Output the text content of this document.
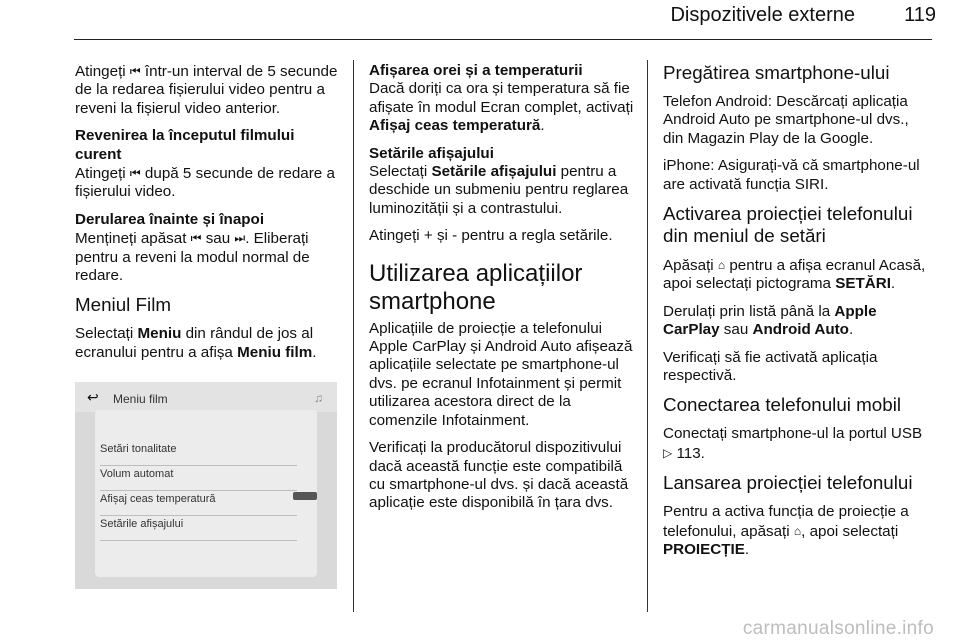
Dispozitivele externe 119

Atingeți ⏮ într-un interval de 5 secunde de la redarea fișierului video pentru a reveni la fișierul video anterior.

Revenirea la începutul filmului curent

Atingeți ⏮ după 5 secunde de redare a fișierului video.

Derularea înainte și înapoi

Mențineți apăsat ⏮ sau ⏭. Eliberați pentru a reveni la modul normal de redare.

Meniul Film

Selectați Meniu din rândul de jos al ecranului pentru a afișa Meniu film.

↩ Meniu film	♫
Setări tonalitate
Volum automat
Afișaj ceas temperatură
Setările afișajului
Afișarea orei și a temperaturii

Dacă doriți ca ora și temperatura să fie afișate în modul Ecran complet, activați Afișaj ceas temperatură.

Setările afișajului

Selectați Setările afișajului pentru a deschide un submeniu pentru reglarea luminozității și a contrastului.

Atingeți + și - pentru a regla setările.

Utilizarea aplicațiilor smartphone

Aplicațiile de proiecție a telefonului Apple CarPlay și Android Auto afișează aplicațiile selectate pe smartphone-ul dvs. pe ecranul Infotainment și permit utilizarea acestora direct de la comenzile Infotainment.

Verificați la producătorul dispozitivului dacă această funcție este compatibilă cu smartphone-ul dvs. și dacă această aplicație este disponibilă în țara dvs.

Pregătirea smartphone-ului

Telefon Android: Descărcați aplicația Android Auto pe smartphone-ul dvs., din Magazin Play de la Google.

iPhone: Asigurați-vă că smartphone-ul are activată funcția SIRI.

Activarea proiecției telefonului din meniul de setări

Apăsați ⌂ pentru a afișa ecranul Acasă, apoi selectați pictograma SETĂRI.

Derulați prin listă până la Apple CarPlay sau Android Auto.

Verificați să fie activată aplicația respectivă.

Conectarea telefonului mobil

Conectați smartphone-ul la portul USB ▷ 113.

Lansarea proiecției telefonului

Pentru a activa funcția de proiecție a telefonului, apăsați ⌂, apoi selectați PROIECȚIE.

carmanualsonline.info
